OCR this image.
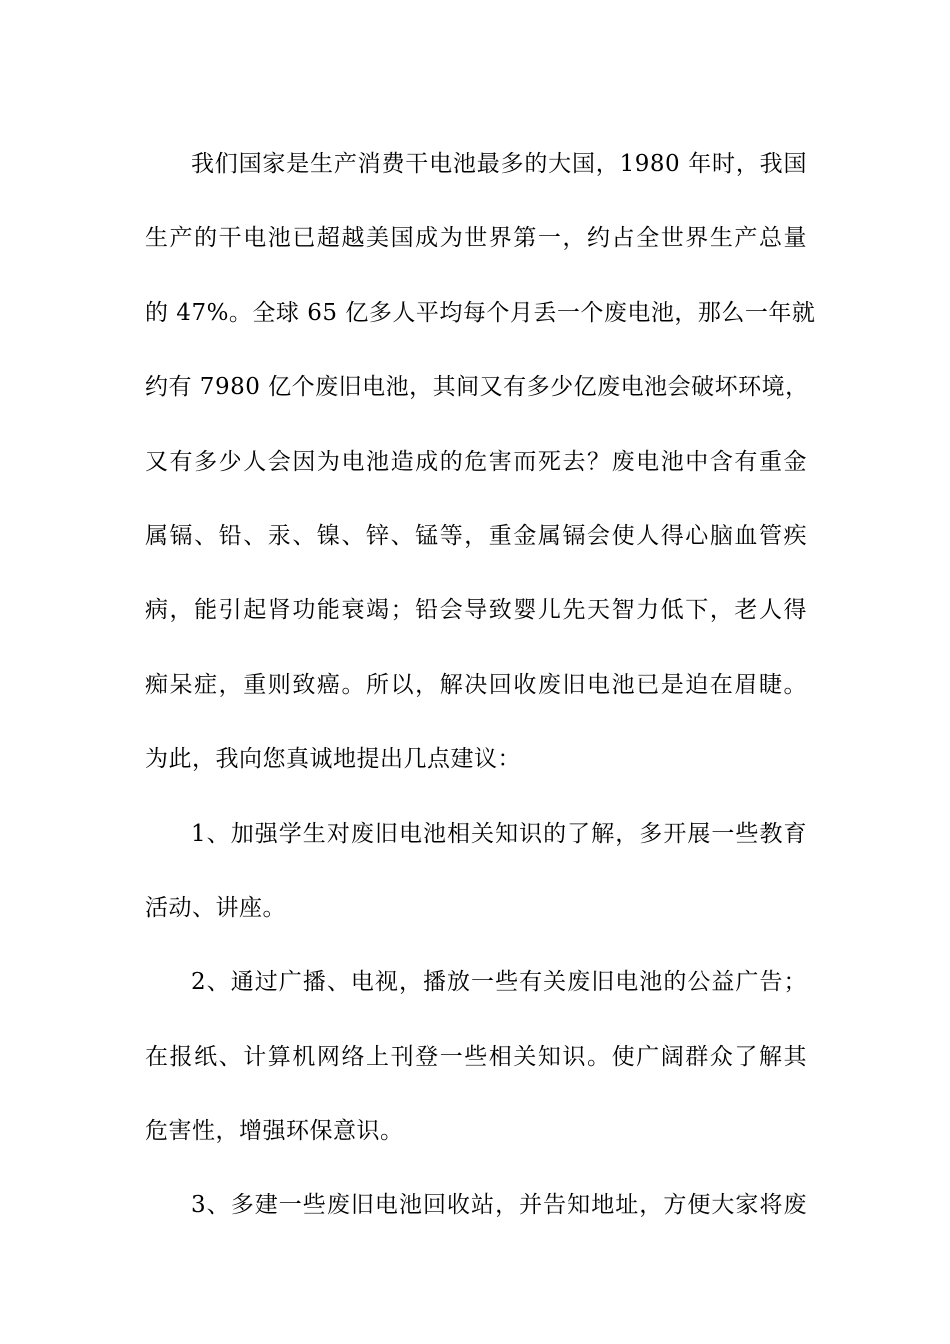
我们国家是生产消费干电池最多的大国，1980 年时，我国
生产的干电池已超越美国成为世界第一，约占全世界生产总量
的 47%。全球 65 亿多人平均每个月丢一个废电池，那么一年就
约有 7980 亿个废旧电池，其间又有多少亿废电池会破坏环境，
又有多少人会因为电池造成的危害而死去？废电池中含有重金
属镉、铅、汞、镍、锌、锰等，重金属镉会使人得心脑血管疾
病，能引起肾功能衰竭；铅会导致婴儿先天智力低下，老人得
痴呆症，重则致癌。所以，解决回收废旧电池已是迫在眉睫。
为此，我向您真诚地提出几点建议：
1、加强学生对废旧电池相关知识的了解，多开展一些教育
活动、讲座。
2、通过广播、电视，播放一些有关废旧电池的公益广告；
在报纸、计算机网络上刊登一些相关知识。使广阔群众了解其
危害性，增强环保意识。
3、多建一些废旧电池回收站，并告知地址，方便大家将废
